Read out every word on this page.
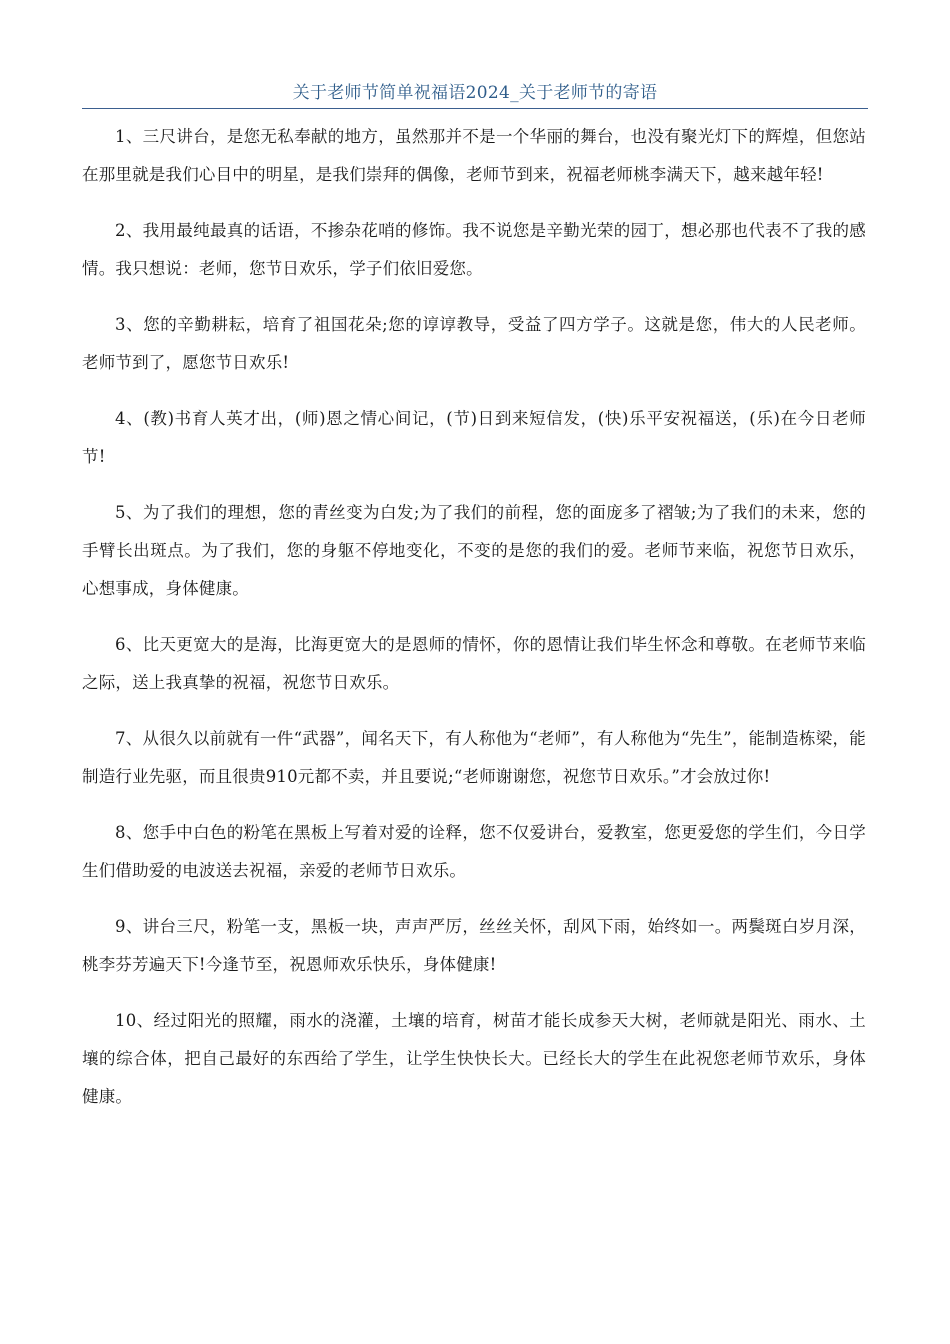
关于老师节简单祝福语2024_关于老师节的寄语

1、三尺讲台，是您无私奉献的地方，虽然那并不是一个华丽的舞台，也没有聚光灯下的辉煌，但您站在那里就是我们心目中的明星，是我们崇拜的偶像，老师节到来，祝福老师桃李满天下，越来越年轻!

2、我用最纯最真的话语，不掺杂花哨的修饰。我不说您是辛勤光荣的园丁，想必那也代表不了我的感情。我只想说：老师，您节日欢乐，学子们依旧爱您。

3、您的辛勤耕耘，培育了祖国花朵;您的谆谆教导，受益了四方学子。这就是您，伟大的人民老师。老师节到了，愿您节日欢乐!

4、(教)书育人英才出，(师)恩之情心间记，(节)日到来短信发，(快)乐平安祝福送，(乐)在今日老师节!

5、为了我们的理想，您的青丝变为白发;为了我们的前程，您的面庞多了褶皱;为了我们的未来，您的手臂长出斑点。为了我们，您的身躯不停地变化，不变的是您的我们的爱。老师节来临，祝您节日欢乐，心想事成，身体健康。

6、比天更宽大的是海，比海更宽大的是恩师的情怀，你的恩情让我们毕生怀念和尊敬。在老师节来临之际，送上我真挚的祝福，祝您节日欢乐。

7、从很久以前就有一件“武器”，闻名天下，有人称他为“老师”，有人称他为“先生”，能制造栋梁，能制造行业先驱，而且很贵910元都不卖，并且要说;“老师谢谢您，祝您节日欢乐。”才会放过你!

8、您手中白色的粉笔在黑板上写着对爱的诠释，您不仅爱讲台，爱教室，您更爱您的学生们，今日学生们借助爱的电波送去祝福，亲爱的老师节日欢乐。

9、讲台三尺，粉笔一支，黑板一块，声声严厉，丝丝关怀，刮风下雨，始终如一。两鬓斑白岁月深，桃李芬芳遍天下!今逢节至，祝恩师欢乐快乐，身体健康!

10、经过阳光的照耀，雨水的浇灌，土壤的培育，树苗才能长成参天大树，老师就是阳光、雨水、土壤的综合体，把自己最好的东西给了学生，让学生快快长大。已经长大的学生在此祝您老师节欢乐，身体健康。
